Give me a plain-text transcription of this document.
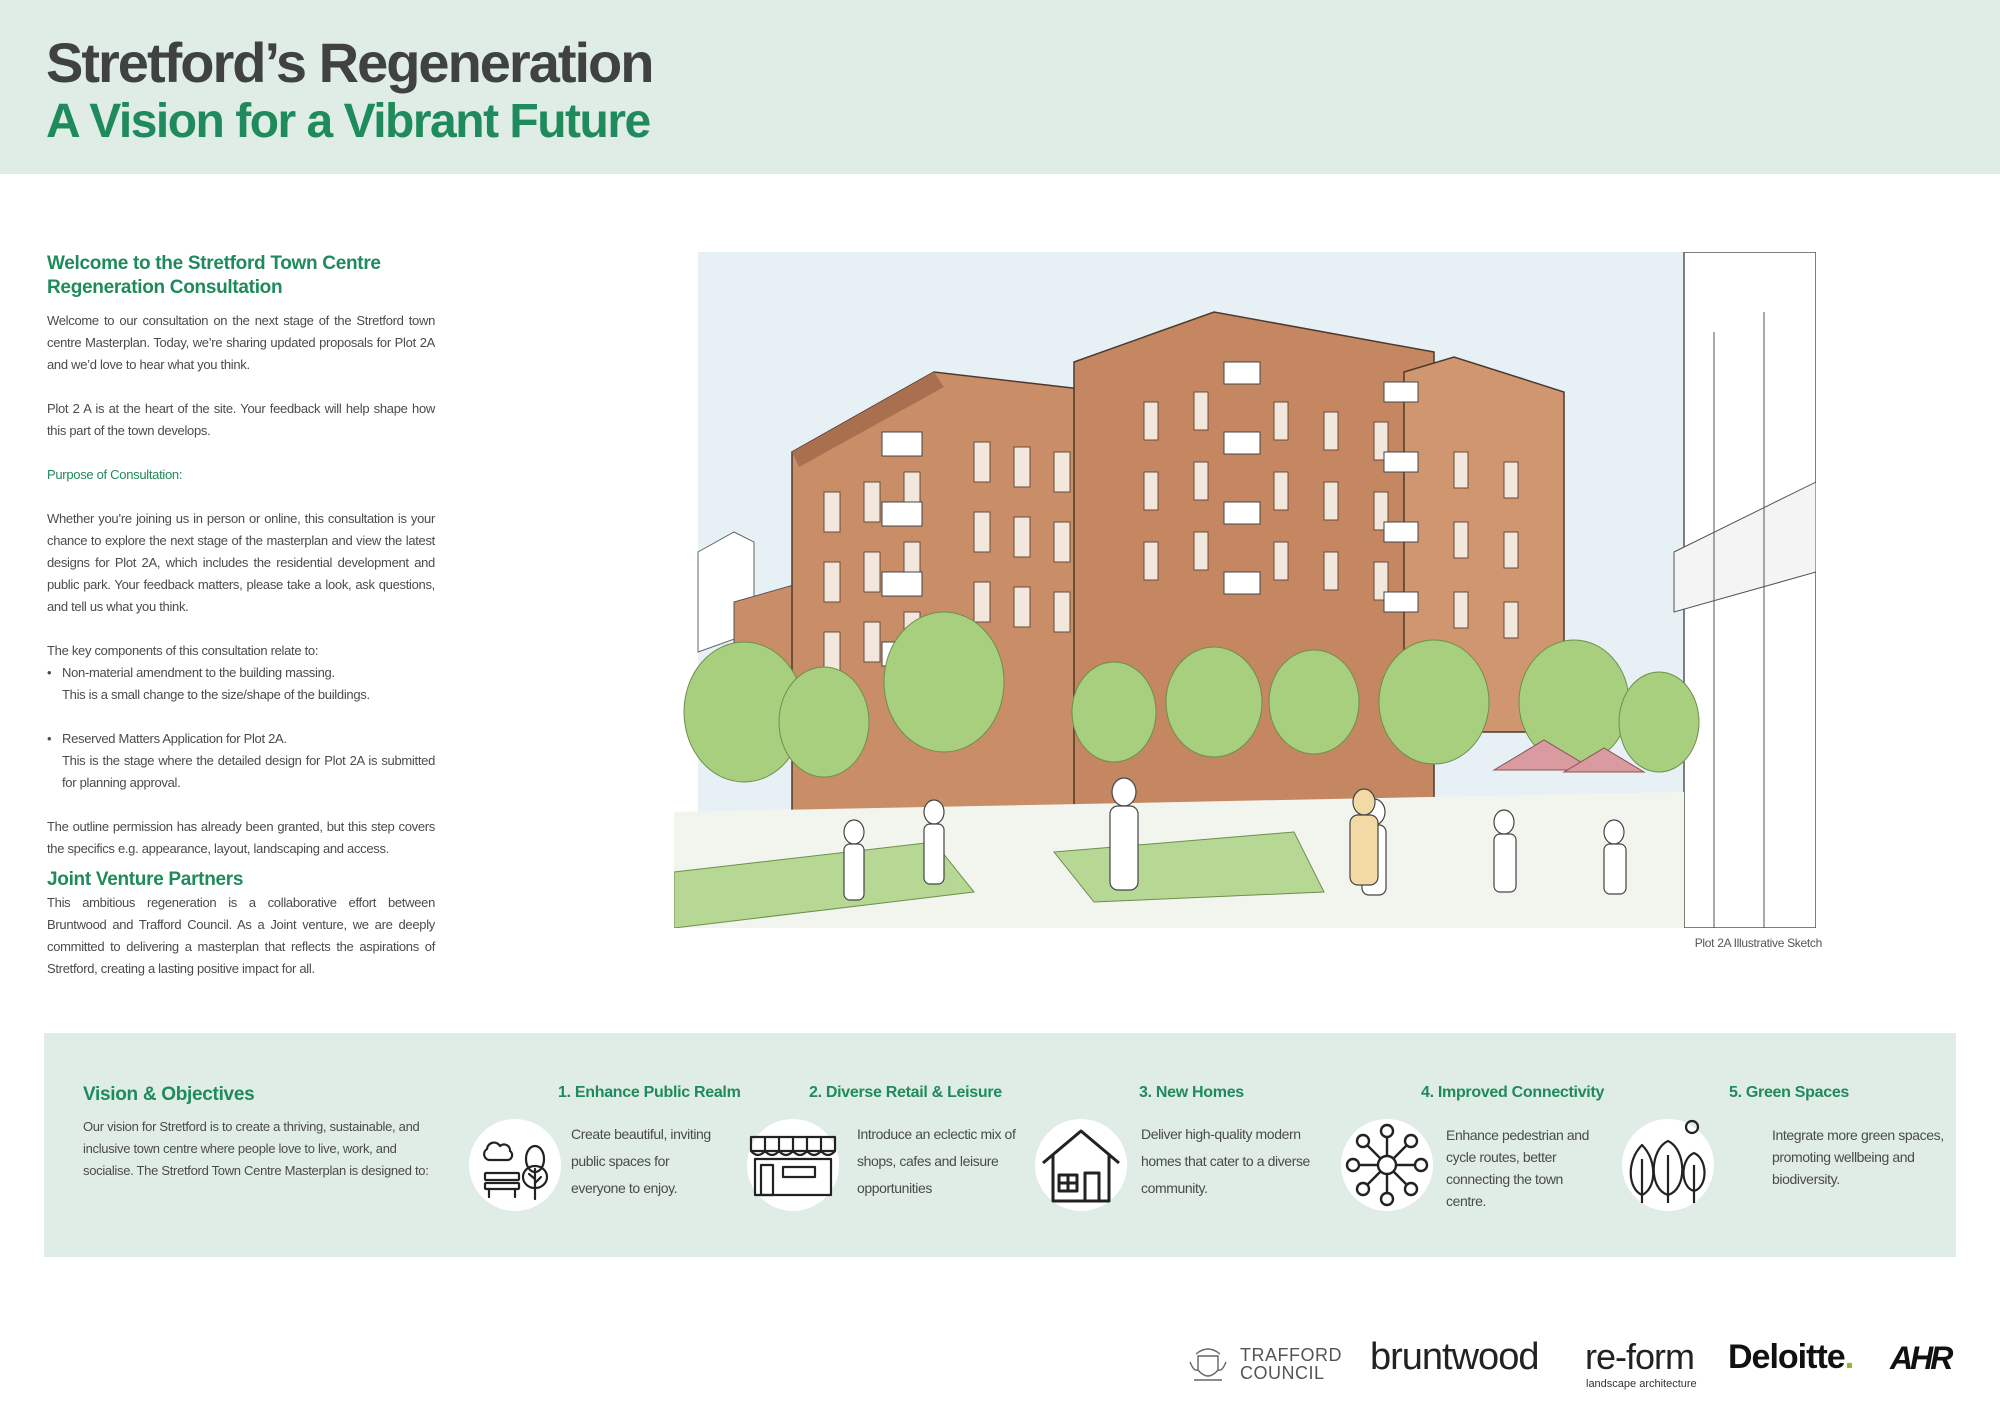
Stretford’s Regeneration
A Vision for a Vibrant Future
Welcome to the Stretford Town Centre Regeneration Consultation

Welcome to our consultation on the next stage of the Stretford town centre Masterplan. Today, we’re sharing updated proposals for Plot 2A and we’d love to hear what you think.

Plot 2 A is at the heart of the site. Your feedback will help shape how this part of the town develops.

Purpose of Consultation:

Whether you’re joining us in person or online, this consultation is your chance to explore the next stage of the masterplan and view the latest designs for Plot 2A, which includes the residential development and public park. Your feedback matters, please take a look, ask questions, and tell us what you think.

The key components of this consultation relate to:

• Non-material amendment to the building massing.
This is a small change to the size/shape of the buildings.
• Reserved Matters Application for Plot 2A.

This is the stage where the detailed design for Plot 2A is submitted for planning approval.

The outline permission has already been granted, but this step covers the specifics e.g. appearance, layout, landscaping and access.

Joint Venture Partners

This ambitious regeneration is a collaborative effort between Bruntwood and Trafford Council. As a Joint venture, we are deeply committed to delivering a masterplan that reflects the aspirations of Stretford, creating a lasting positive impact for all.

Plot 2A Illustrative Sketch
Vision & Objectives

Our vision for Stretford is to create a thriving, sustainable, and inclusive town centre where people love to live, work, and socialise. The Stretford Town Centre Masterplan is designed to:

1. Enhance Public Realm

Create beautiful, inviting public spaces for everyone to enjoy.

2. Diverse Retail & Leisure

Introduce an eclectic mix of shops, cafes and leisure opportunities

3. New Homes

Deliver high-quality modern homes that cater to a diverse community.

4. Improved Connectivity

Enhance pedestrian and cycle routes, better connecting the town centre.

5. Green Spaces

Integrate more green spaces, promoting wellbeing and biodiversity.

TRAFFORD
COUNCIL	bruntwood re-form
landscape architecture
Deloitte. AHR
